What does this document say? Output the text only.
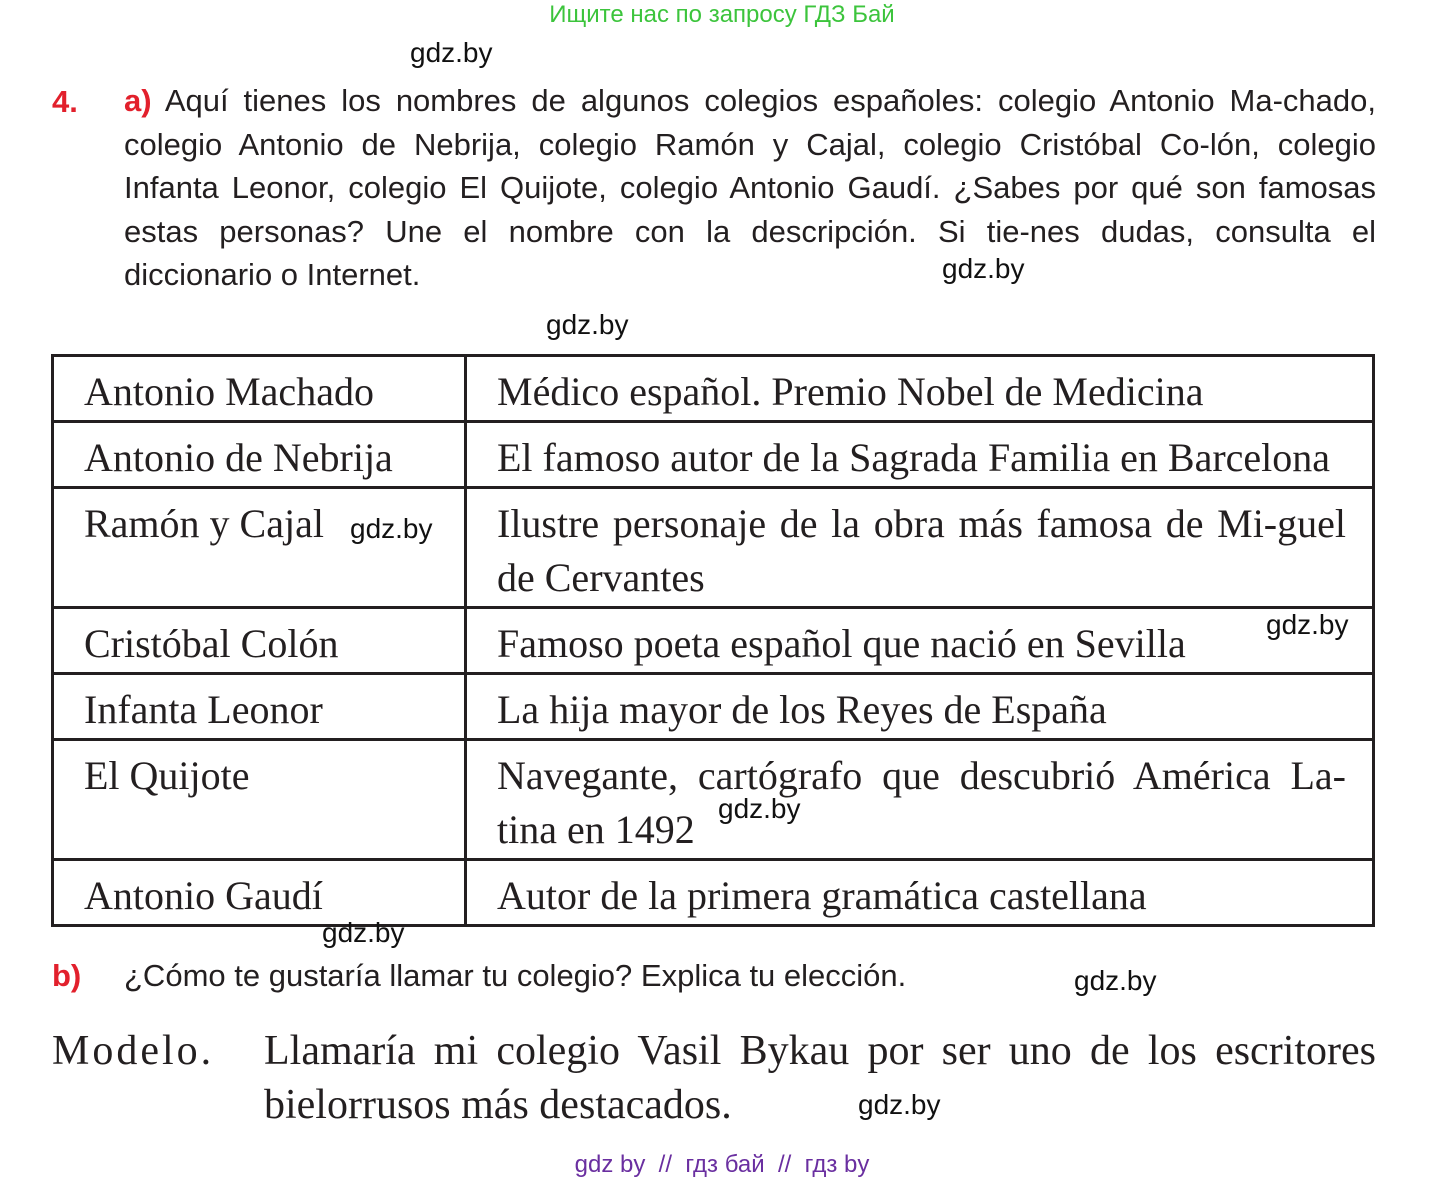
Ищите нас по запросу ГДЗ Бай
4. a) Aquí tienes los nombres de algunos colegios españoles: colegio Antonio Ma-chado, colegio Antonio de Nebrija, colegio Ramón y Cajal, colegio Cristóbal Co-lón, colegio Infanta Leonor, colegio El Quijote, colegio Antonio Gaudí. ¿Sabes por qué son famosas estas personas? Une el nombre con la descripción. Si tie-nes dudas, consulta el diccionario o Internet.

Antonio Machado	Médico español. Premio Nobel de Medicina
Antonio de Nebrija	El famoso autor de la Sagrada Familia en Barcelona
Ramón y Cajal	Ilustre personaje de la obra más famosa de Mi-guel de Cervantes
Cristóbal Colón	Famoso poeta español que nació en Sevilla
Infanta Leonor	La hija mayor de los Reyes de España
El Quijote	Navegante, cartógrafo que descubrió América La-tina en 1492
Antonio Gaudí	Autor de la primera gramática castellana
b) ¿Cómo te gustaría llamar tu colegio? Explica tu elección.
Modelo. Llamaría mi colegio Vasil Bykau por ser uno de los escritores bielorrusos más destacados.

gdz.by
gdz.by
gdz.by
gdz.by
gdz.by
gdz.by
gdz.by
gdz.by
gdz.by
gdz by  //  гдз бай  //  гдз by
